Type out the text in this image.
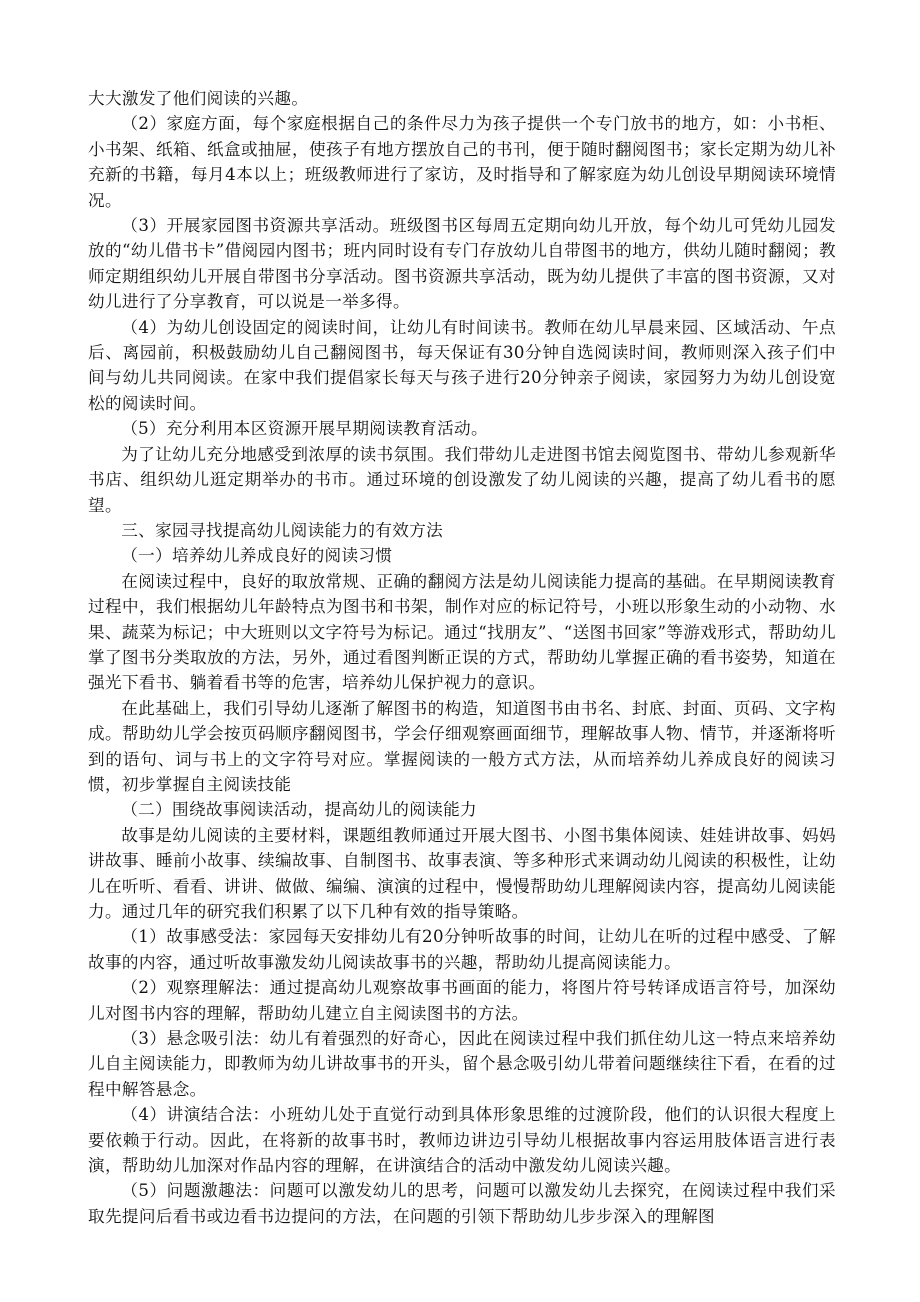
大大激发了他们阅读的兴趣。

（2）家庭方面，每个家庭根据自己的条件尽力为孩子提供一个专门放书的地方，如：小书柜、小书架、纸箱、纸盒或抽屉，使孩子有地方摆放自己的书刊，便于随时翻阅图书；家长定期为幼儿补充新的书籍，每月4本以上；班级教师进行了家访，及时指导和了解家庭为幼儿创设早期阅读环境情况。

（3）开展家园图书资源共享活动。班级图书区每周五定期向幼儿开放，每个幼儿可凭幼儿园发放的“幼儿借书卡”借阅园内图书；班内同时设有专门存放幼儿自带图书的地方，供幼儿随时翻阅；教师定期组织幼儿开展自带图书分享活动。图书资源共享活动，既为幼儿提供了丰富的图书资源，又对幼儿进行了分享教育，可以说是一举多得。

（4）为幼儿创设固定的阅读时间，让幼儿有时间读书。教师在幼儿早晨来园、区域活动、午点后、离园前，积极鼓励幼儿自己翻阅图书，每天保证有30分钟自选阅读时间，教师则深入孩子们中间与幼儿共同阅读。在家中我们提倡家长每天与孩子进行20分钟亲子阅读，家园努力为幼儿创设宽松的阅读时间。

（5）充分利用本区资源开展早期阅读教育活动。

为了让幼儿充分地感受到浓厚的读书氛围。我们带幼儿走进图书馆去阅览图书、带幼儿参观新华书店、组织幼儿逛定期举办的书市。通过环境的创设激发了幼儿阅读的兴趣，提高了幼儿看书的愿望。

三、家园寻找提高幼儿阅读能力的有效方法

（一）培养幼儿养成良好的阅读习惯

在阅读过程中，良好的取放常规、正确的翻阅方法是幼儿阅读能力提高的基础。在早期阅读教育过程中，我们根据幼儿年龄特点为图书和书架，制作对应的标记符号，小班以形象生动的小动物、水果、蔬菜为标记；中大班则以文字符号为标记。通过“找朋友”、“送图书回家”等游戏形式，帮助幼儿掌了图书分类取放的方法，另外，通过看图判断正误的方式，帮助幼儿掌握正确的看书姿势，知道在强光下看书、躺着看书等的危害，培养幼儿保护视力的意识。

在此基础上，我们引导幼儿逐渐了解图书的构造，知道图书由书名、封底、封面、页码、文字构成。帮助幼儿学会按页码顺序翻阅图书，学会仔细观察画面细节，理解故事人物、情节，并逐渐将听到的语句、词与书上的文字符号对应。掌握阅读的一般方式方法，从而培养幼儿养成良好的阅读习惯，初步掌握自主阅读技能

（二）围绕故事阅读活动，提高幼儿的阅读能力

故事是幼儿阅读的主要材料，课题组教师通过开展大图书、小图书集体阅读、娃娃讲故事、妈妈讲故事、睡前小故事、续编故事、自制图书、故事表演、等多种形式来调动幼儿阅读的积极性，让幼儿在听听、看看、讲讲、做做、编编、演演的过程中，慢慢帮助幼儿理解阅读内容，提高幼儿阅读能力。通过几年的研究我们积累了以下几种有效的指导策略。

（1）故事感受法：家园每天安排幼儿有20分钟听故事的时间，让幼儿在听的过程中感受、了解故事的内容，通过听故事激发幼儿阅读故事书的兴趣，帮助幼儿提高阅读能力。

（2）观察理解法：通过提高幼儿观察故事书画面的能力，将图片符号转译成语言符号，加深幼儿对图书内容的理解，帮助幼儿建立自主阅读图书的方法。

（3）悬念吸引法：幼儿有着强烈的好奇心，因此在阅读过程中我们抓住幼儿这一特点来培养幼儿自主阅读能力，即教师为幼儿讲故事书的开头，留个悬念吸引幼儿带着问题继续往下看，在看的过程中解答悬念。

（4）讲演结合法：小班幼儿处于直觉行动到具体形象思维的过渡阶段，他们的认识很大程度上要依赖于行动。因此，在将新的故事书时，教师边讲边引导幼儿根据故事内容运用肢体语言进行表演，帮助幼儿加深对作品内容的理解，在讲演结合的活动中激发幼儿阅读兴趣。

（5）问题激趣法：问题可以激发幼儿的思考，问题可以激发幼儿去探究，在阅读过程中我们采取先提问后看书或边看书边提问的方法，在问题的引领下帮助幼儿步步深入的理解图
